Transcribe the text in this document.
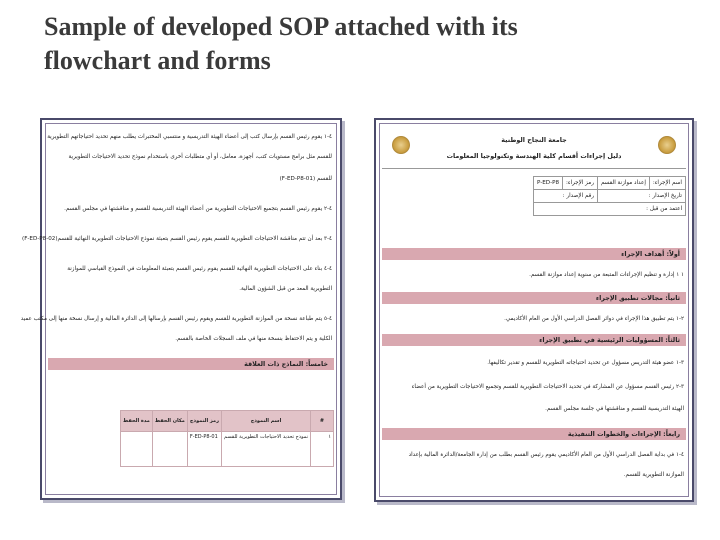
Sample of developed SOP attached with its
flowchart and forms
٤-١ يقوم رئيس القسم بإرسال كتب إلى أعضاء الهيئة التدريسية و منتسبي المختبرات يطلب منهم تحديد احتياجاتهم التطويرية
للقسم مثل برامج مستويات كتب، أجهزة، معامل، أو أي متطلبات أخرى باستخدام نموذج تحديد الاحتياجات التطويرية
للقسم (F-ED-P8-01)
٤-٢ يقوم رئيس القسم بتجميع الاحتياجات التطويرية من أعضاء الهيئة التدريسية للقسم و مناقشتها في مجلس القسم.
٤-٣ بعد أن تتم مناقشة الاحتياجات التطويرية للقسم يقوم رئيس القسم بتعبئة نموذج الاحتياجات التطويرية النهائية للقسم(F-ED-P8-02)
٤-٤ بناء على الاحتياجات التطويرية النهائية للقسم يقوم رئيس القسم بتعبئة المعلومات في النموذج القياسي للموازنة
التطويرية المعد من قبل الشؤون المالية.
٤-٥ يتم طباعة نسخة من الموازنة التطويرية للقسم ويقوم رئيس القسم بإرسالها إلى الدائرة المالية و إرسال نسخة منها إلى مكتب عميد
الكلية و يتم الاحتفاظ بنسخة منها في ملف السجلات الخاصة بالقسم.
خامساً: النماذج ذات العلاقة
#	اسم النموذج	رمز النموذج	مكان الحفظ	مدة الحفظ
١	نموذج تحديد الاحتياجات التطويرية للقسم	F-ED-P8-01		
جامعة النجاح الوطنية
دليل إجراءات أقسام كلية الهندسة وتكنولوجيا المعلومات
اسم الإجراء:	إعداد موازنة القسم	رمز الإجراء:	P-ED-P8
تاريخ الإصدار :		رقم الإصدار :	
اعتمد من قبل :			
أولاً: أهداف الإجراء
١ ١ إدارة و تنظيم الإجراءات المتبعة من سنوية إعداد موازنة القسم.
ثانياً: مجالات تطبيق الإجراء
٢-١ يتم تطبيق هذا الإجراء في دوائر الفصل الدراسي الأول من العام الأكاديمي.
ثالثاً: المسؤوليات الرئيسية في تطبيق الإجراء
٣-١ عضو هيئة التدريس مسؤول عن تحديد احتياجاته التطويرية للقسم و تقدير تكاليفها.
٣-٢ رئيس القسم مسؤول عن المشاركة في تحديد الاحتياجات التطويرية للقسم وتجميع الاحتياجات التطويرية من أعضاء
الهيئة التدريسية للقسم و مناقشتها في جلسة مجلس القسم.
رابعاً: الإجراءات والخطوات التنفيذية
٤-١ في بداية الفصل الدراسي الأول من العام الأكاديمي يقوم رئيس القسم بطلب من إدارة الجامعة/الدائرة المالية بإعداد
الموازنة التطويرية للقسم.
